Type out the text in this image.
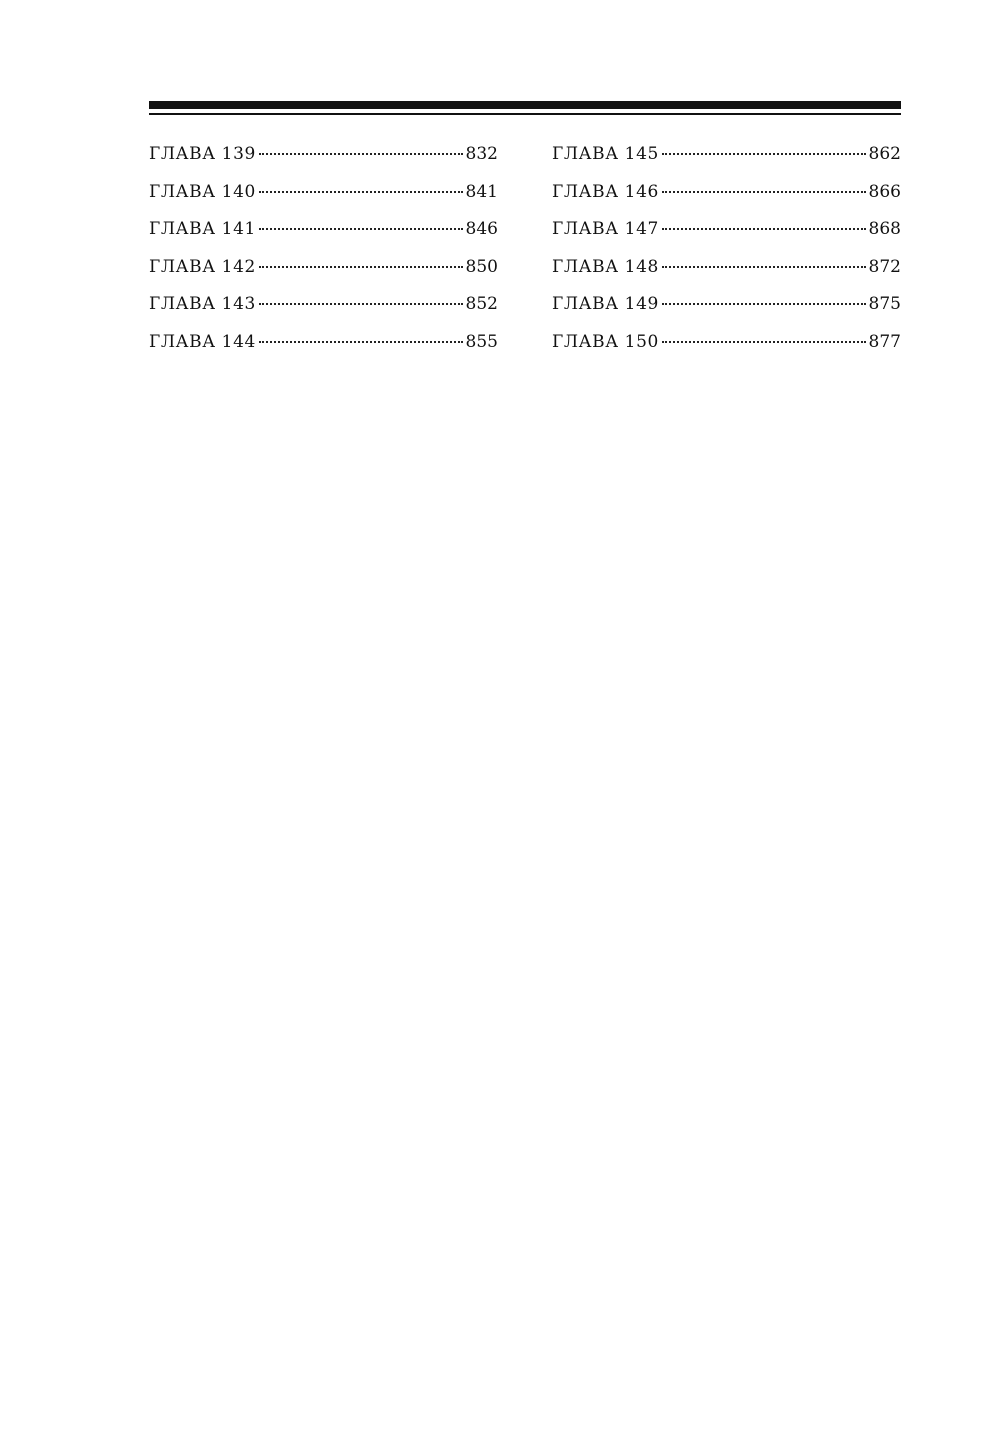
ГЛАВА 139	832
ГЛАВА 140	841
ГЛАВА 141	846
ГЛАВА 142	850
ГЛАВА 143	852
ГЛАВА 144	855
ГЛАВА 145	862
ГЛАВА 146	866
ГЛАВА 147	868
ГЛАВА 148	872
ГЛАВА 149	875
ГЛАВА 150	877
